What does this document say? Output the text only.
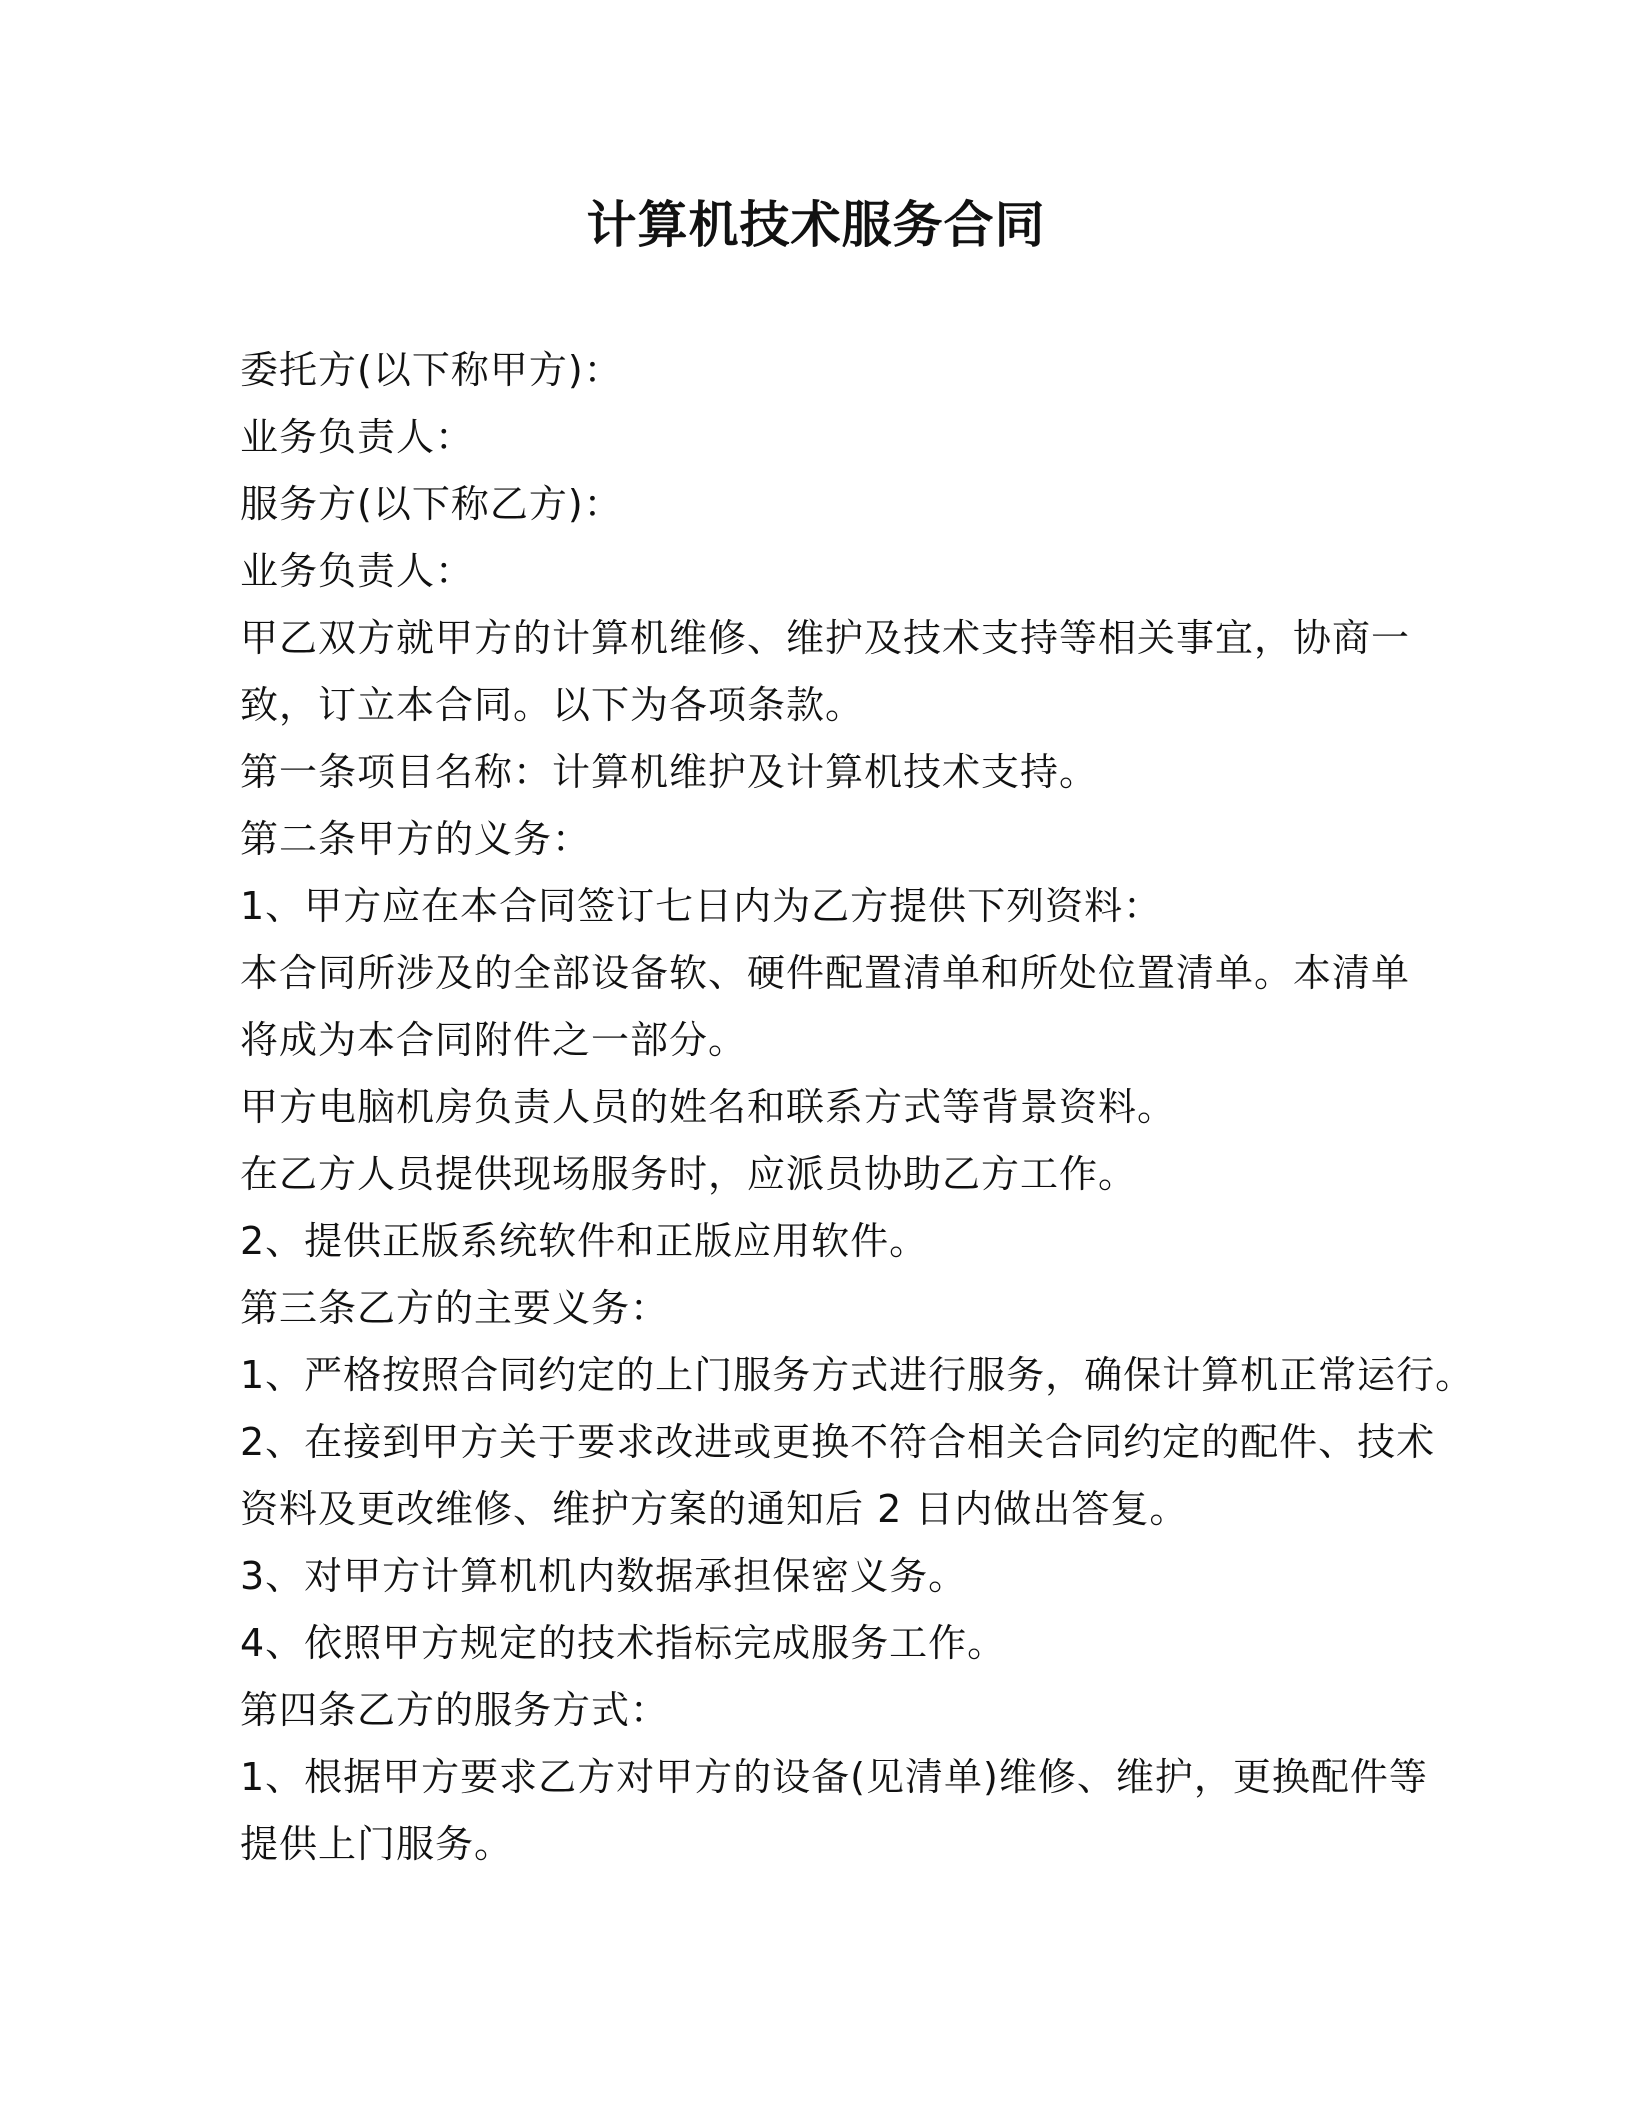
计算机技术服务合同
委托方(以下称甲方)：
业务负责人：
服务方(以下称乙方)：
业务负责人：
甲乙双方就甲方的计算机维修、维护及技术支持等相关事宜，协商一
致，订立本合同。以下为各项条款。
第一条项目名称：计算机维护及计算机技术支持。
第二条甲方的义务：
1、甲方应在本合同签订七日内为乙方提供下列资料：
本合同所涉及的全部设备软、硬件配置清单和所处位置清单。本清单
将成为本合同附件之一部分。
甲方电脑机房负责人员的姓名和联系方式等背景资料。
在乙方人员提供现场服务时，应派员协助乙方工作。
2、提供正版系统软件和正版应用软件。
第三条乙方的主要义务：
1、严格按照合同约定的上门服务方式进行服务，确保计算机正常运行。
2、在接到甲方关于要求改进或更换不符合相关合同约定的配件、技术
资料及更改维修、维护方案的通知后 2 日内做出答复。
3、对甲方计算机机内数据承担保密义务。
4、依照甲方规定的技术指标完成服务工作。
第四条乙方的服务方式：
1、根据甲方要求乙方对甲方的设备(见清单)维修、维护，更换配件等
提供上门服务。
